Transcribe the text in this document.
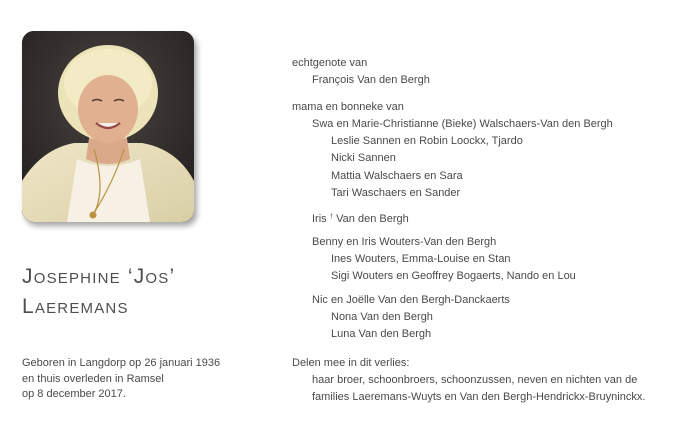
Josephine ‘Jos’
Laeremans
Geboren in Langdorp op 26 januari 1936
en thuis overleden in Ramsel
op 8 december 2017.
echtgenote van
François Van den Bergh
mama en bonneke van
Swa en Marie-Christianne (Bieke) Walschaers-Van den Bergh
Leslie Sannen en Robin Loockx, Tjardo
Nicki Sannen
Mattia Walschaers en Sara
Tari Waschaers en Sander
Iris † Van den Bergh
Benny en Iris Wouters-Van den Bergh
Ines Wouters, Emma-Louise en Stan
Sigi Wouters en Geoffrey Bogaerts, Nando en Lou
Nic en Joëlle Van den Bergh-Danckaerts
Nona Van den Bergh
Luna Van den Bergh
Delen mee in dit verlies:
haar broer, schoonbroers, schoonzussen, neven en nichten van de
families Laeremans-Wuyts en Van den Bergh-Hendrickx-Bruyninckx.
